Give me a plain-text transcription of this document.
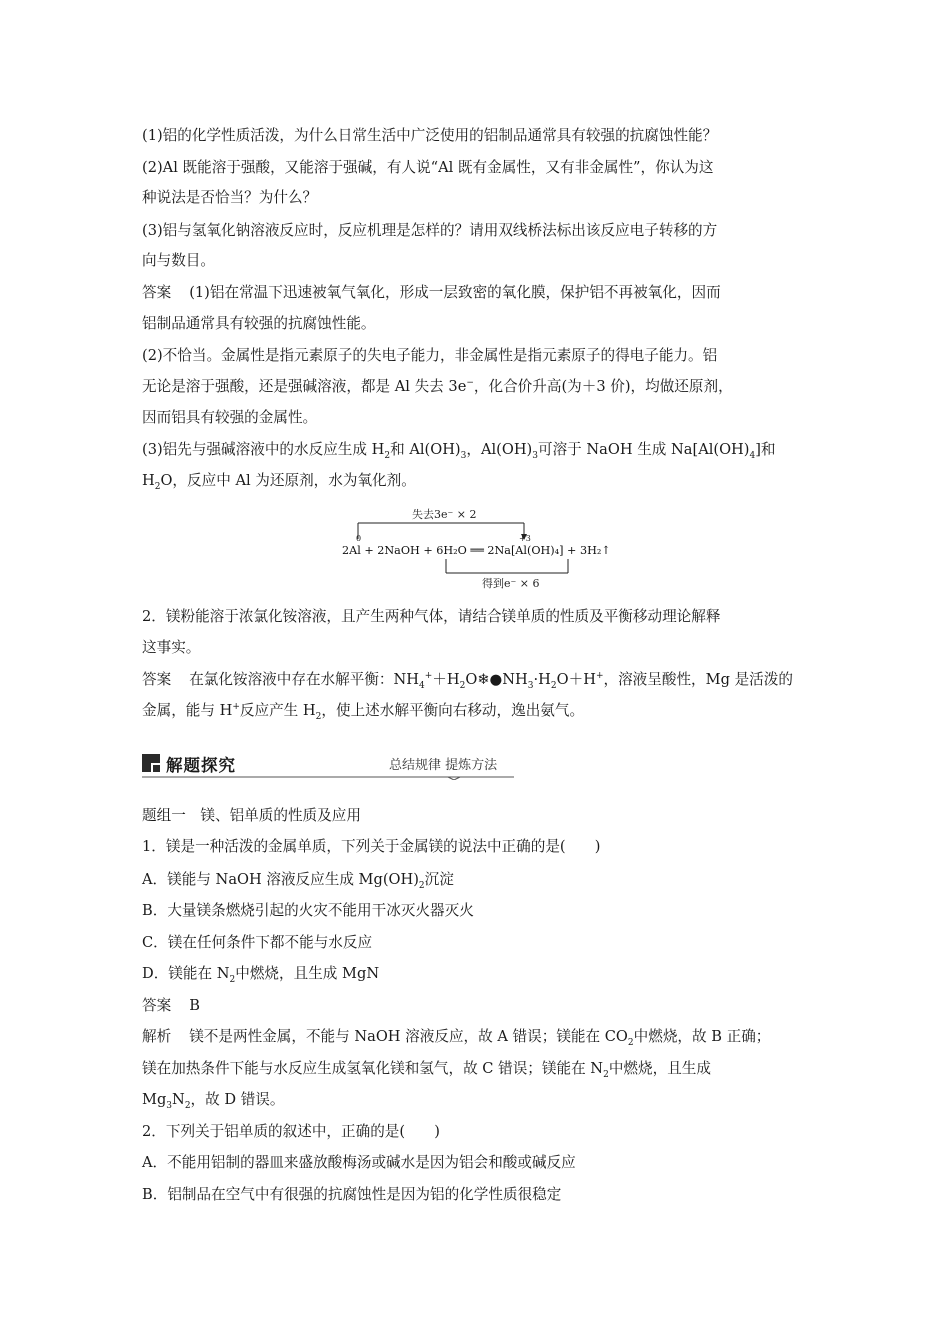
(1)铝的化学性质活泼，为什么日常生活中广泛使用的铝制品通常具有较强的抗腐蚀性能？
(2)Al 既能溶于强酸，又能溶于强碱，有人说“Al 既有金属性，又有非金属性”，你认为这
种说法是否恰当？为什么？
(3)铝与氢氧化钠溶液反应时，反应机理是怎样的？请用双线桥法标出该反应电子转移的方
向与数目。
答案 (1)铝在常温下迅速被氧气氧化，形成一层致密的氧化膜，保护铝不再被氧化，因而
铝制品通常具有较强的抗腐蚀性能。
(2)不恰当。金属性是指元素原子的失电子能力，非金属性是指元素原子的得电子能力。铝
无论是溶于强酸，还是强碱溶液，都是 Al 失去 3e−，化合价升高(为＋3 价)，均做还原剂，
因而铝具有较强的金属性。
(3)铝先与强碱溶液中的水反应生成 $H_2$和 $Al(OH)_3$，$Al(OH)_3$可溶于 NaOH 生成 $Na[Al(OH)_4]$和
$H_2O$，反应中 Al 为还原剂，水为氧化剂。
失去3e⁻ × 2
0	+3
2Al + 2NaOH + 6H₂O ══ 2Na[Al(OH)₄] + 3H₂↑
得到e⁻ × 6
2．镁粉能溶于浓氯化铵溶液，且产生两种气体，请结合镁单质的性质及平衡移动理论解释
这事实。
答案 在氯化铵溶液中存在水解平衡：$NH_4^++H_2O❄●NH_3\cdot H_2O+H^+$，溶液呈酸性，Mg 是活泼的
金属，能与 H+反应产生 $H_2$，使上述水解平衡向右移动，逸出氨气。
解题探究	总结规律 提炼方法
题组一　镁、铝单质的性质及应用
1．镁是一种活泼的金属单质，下列关于金属镁的说法中正确的是(　　)
A．镁能与 NaOH 溶液反应生成 $Mg(OH)_2$沉淀
B．大量镁条燃烧引起的火灾不能用干冰灭火器灭火
C．镁在任何条件下都不能与水反应
D．镁能在 $N_2$中燃烧，且生成 MgN
答案 B
解析 镁不是两性金属，不能与 NaOH 溶液反应，故 A 错误；镁能在 $CO_2$中燃烧，故 B 正确；
镁在加热条件下能与水反应生成氢氧化镁和氢气，故 C 错误；镁能在 $N_2$中燃烧，且生成
$Mg_3N_2$，故 D 错误。
2．下列关于铝单质的叙述中，正确的是(　　)
A．不能用铝制的器皿来盛放酸梅汤或碱水是因为铝会和酸或碱反应
B．铝制品在空气中有很强的抗腐蚀性是因为铝的化学性质很稳定
